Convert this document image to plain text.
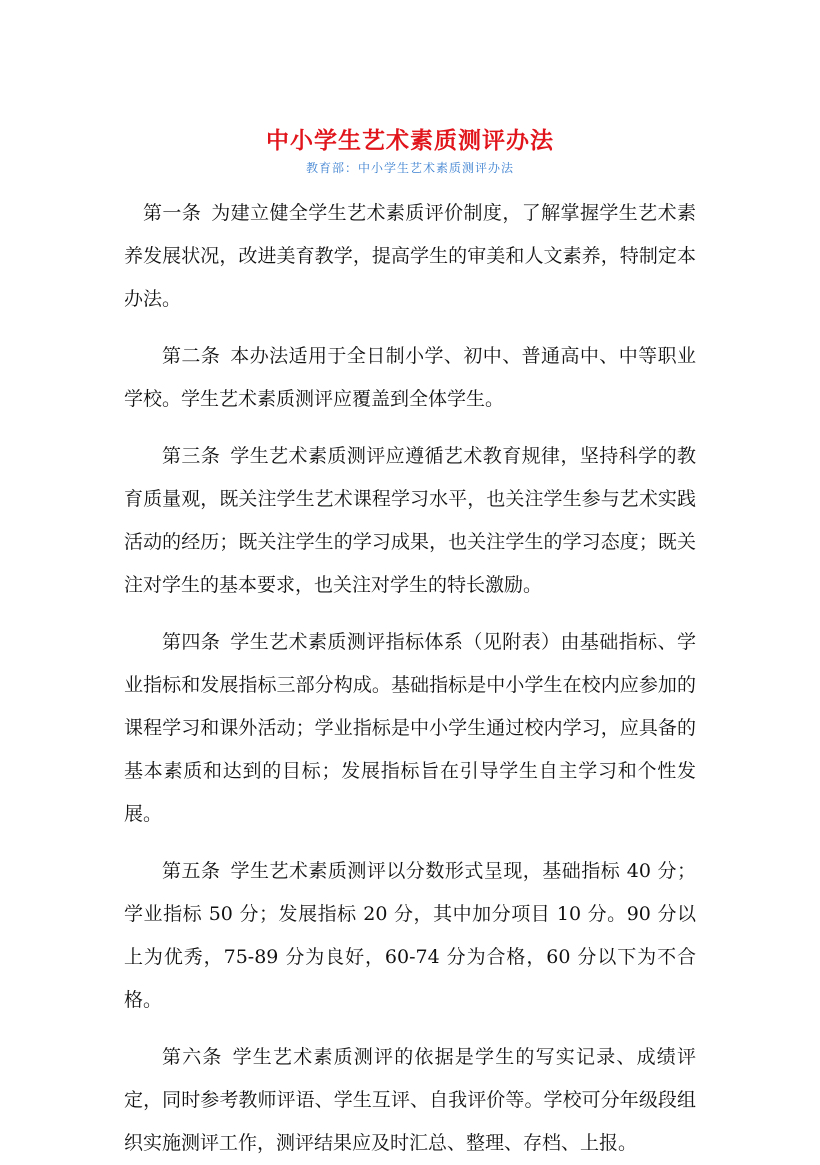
中小学生艺术素质测评办法

教育部：中小学生艺术素质测评办法

第一条 为建立健全学生艺术素质评价制度，了解掌握学生艺术素养发展状况，改进美育教学，提高学生的审美和人文素养，特制定本办法。

第二条 本办法适用于全日制小学、初中、普通高中、中等职业学校。学生艺术素质测评应覆盖到全体学生。

第三条 学生艺术素质测评应遵循艺术教育规律，坚持科学的教育质量观，既关注学生艺术课程学习水平，也关注学生参与艺术实践活动的经历；既关注学生的学习成果，也关注学生的学习态度；既关注对学生的基本要求，也关注对学生的特长激励。

第四条 学生艺术素质测评指标体系（见附表）由基础指标、学业指标和发展指标三部分构成。基础指标是中小学生在校内应参加的课程学习和课外活动；学业指标是中小学生通过校内学习，应具备的基本素质和达到的目标；发展指标旨在引导学生自主学习和个性发展。

第五条 学生艺术素质测评以分数形式呈现，基础指标 40 分；学业指标 50 分；发展指标 20 分，其中加分项目 10 分。90 分以上为优秀，75-89 分为良好，60-74 分为合格，60 分以下为不合格。

第六条 学生艺术素质测评的依据是学生的写实记录、成绩评定，同时参考教师评语、学生互评、自我评价等。学校可分年级段组织实施测评工作，测评结果应及时汇总、整理、存档、上报。
